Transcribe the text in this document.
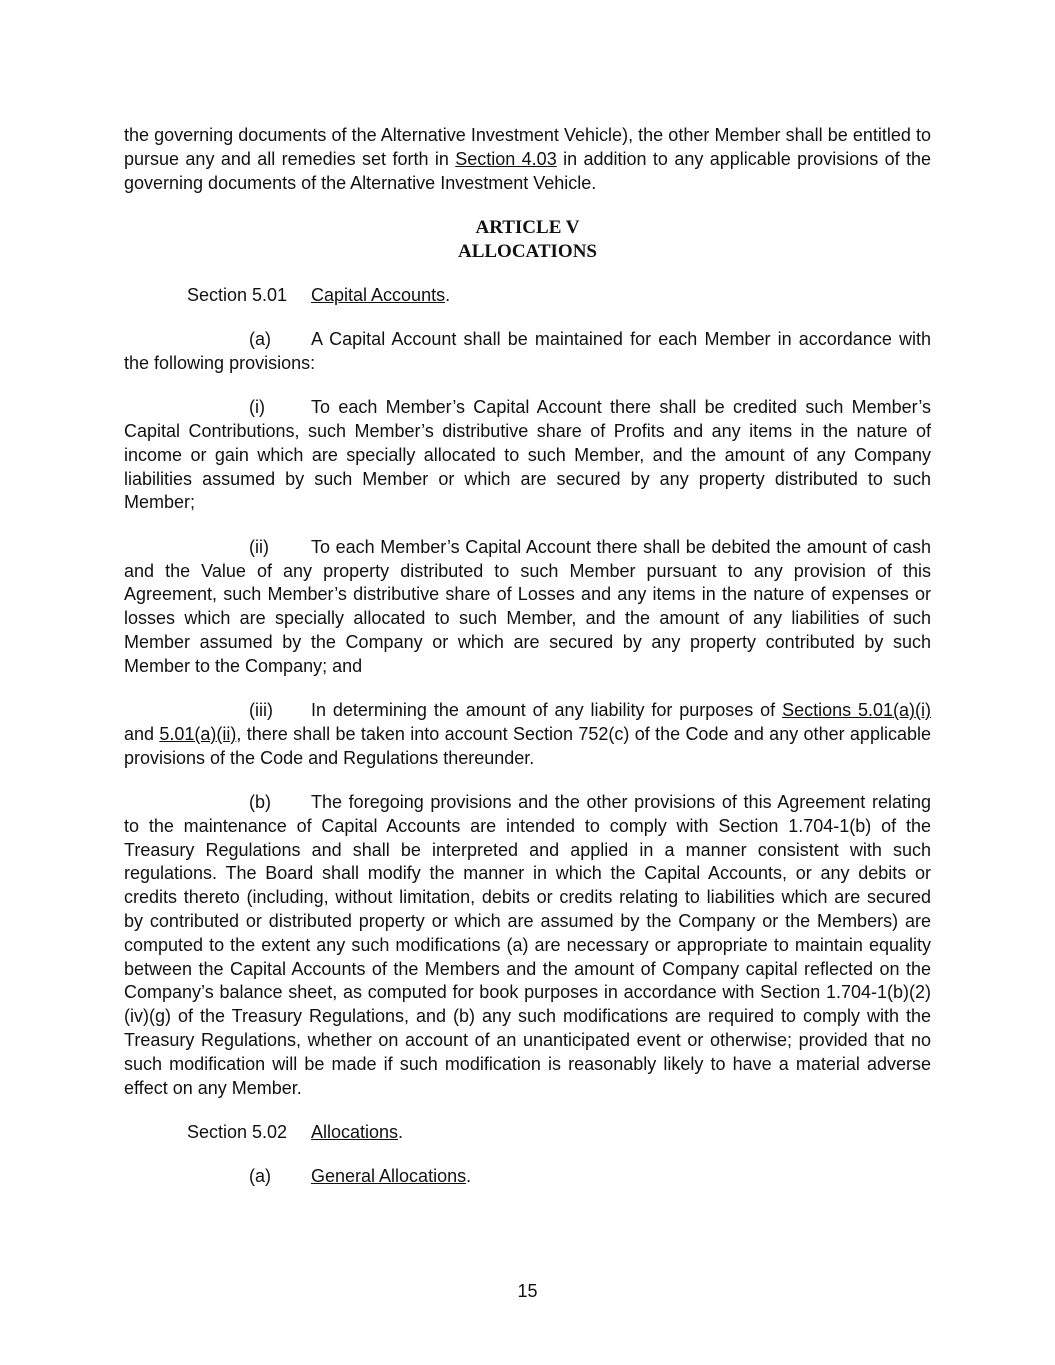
the governing documents of the Alternative Investment Vehicle), the other Member shall be entitled to pursue any and all remedies set forth in Section 4.03 in addition to any applicable provisions of the governing documents of the Alternative Investment Vehicle.

ARTICLE V
ALLOCATIONS

Section 5.01 Capital Accounts.

(a) A Capital Account shall be maintained for each Member in accordance with the following provisions:

(i)	To each Member’s Capital Account there shall be credited such Member’s Capital Contributions, such Member’s distributive share of Profits and any items in the nature of income or gain which are specially allocated to such Member, and the amount of any Company liabilities assumed by such Member or which are secured by any property distributed to such Member;

(ii) To each Member’s Capital Account there shall be debited the amount of cash and the Value of any property distributed to such Member pursuant to any provision of this Agreement, such Member’s distributive share of Losses and any items in the nature of expenses or losses which are specially allocated to such Member, and the amount of any liabilities of such Member assumed by the Company or which are secured by any property contributed by such Member to the Company; and

(iii) In determining the amount of any liability for purposes of Sections 5.01(a)(i) and 5.01(a)(ii), there shall be taken into account Section 752(c) of the Code and any other applicable provisions of the Code and Regulations thereunder.

(b) The foregoing provisions and the other provisions of this Agreement relating to the maintenance of Capital Accounts are intended to comply with Section 1.704-1(b) of the Treasury Regulations and shall be interpreted and applied in a manner consistent with such regulations. The Board shall modify the manner in which the Capital Accounts, or any debits or credits thereto (including, without limitation, debits or credits relating to liabilities which are secured by contributed or distributed property or which are assumed by the Company or the Members) are computed to the extent any such modifications (a) are necessary or appropriate to maintain equality between the Capital Accounts of the Members and the amount of Company capital reflected on the Company’s balance sheet, as computed for book purposes in accordance with Section 1.704-1(b)(2)(iv)(g) of the Treasury Regulations, and (b) any such modifications are required to comply with the Treasury Regulations, whether on account of an unanticipated event or otherwise; provided that no such modification will be made if such modification is reasonably likely to have a material adverse effect on any Member.

Section 5.02 Allocations.

(a) General Allocations.

15
